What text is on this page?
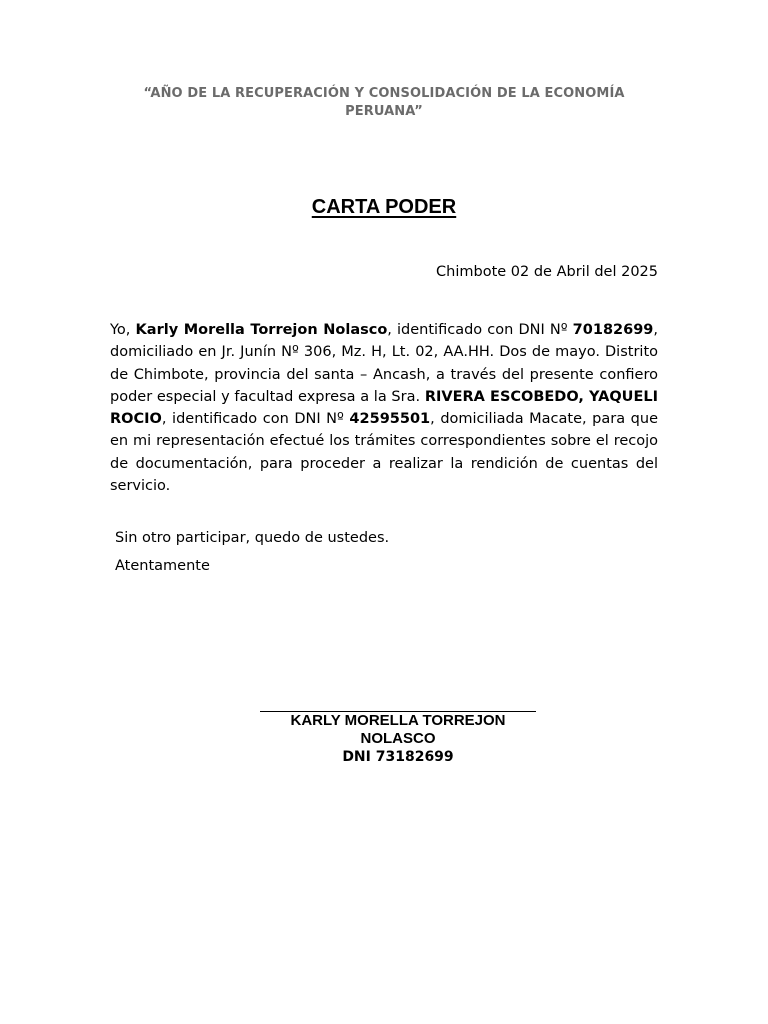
“AÑO DE LA RECUPERACIÓN Y CONSOLIDACIÓN DE LA ECONOMÍA PERUANA”
CARTA PODER
Chimbote 02 de Abril del 2025
Yo, Karly Morella Torrejon Nolasco, identificado con DNI Nº 70182699, domiciliado en Jr. Junín Nº 306, Mz. H, Lt. 02, AA.HH. Dos de mayo. Distrito de Chimbote, provincia del santa – Ancash, a través del presente confiero poder especial y facultad expresa a la Sra. RIVERA ESCOBEDO, YAQUELI ROCIO, identificado con DNI Nº 42595501, domiciliada Macate, para que en mi representación efectué los trámites correspondientes sobre el recojo de documentación, para proceder a realizar la rendición de cuentas del servicio.
Sin otro participar, quedo de ustedes.
Atentamente
KARLY MORELLA TORREJON NOLASCO
DNI 73182699
